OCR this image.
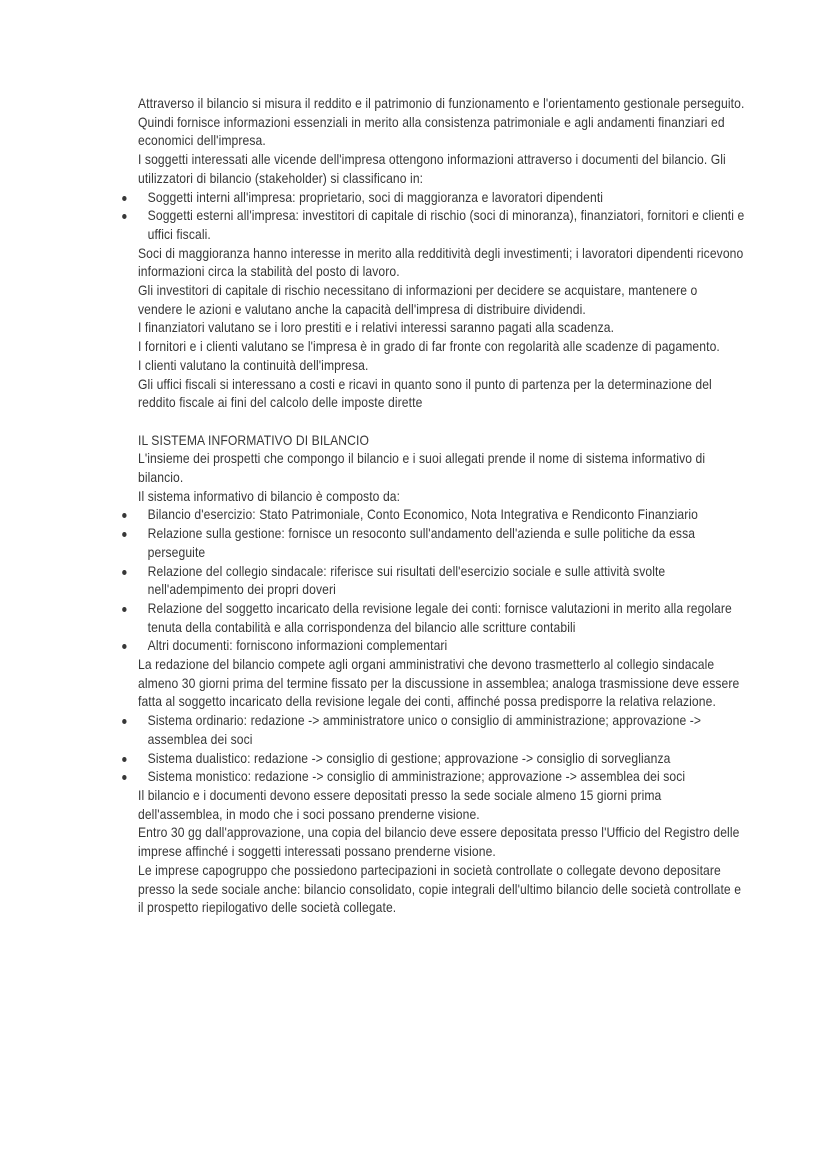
Attraverso il bilancio si misura il reddito e il patrimonio di funzionamento e l'orientamento gestionale perseguito. Quindi fornisce informazioni essenziali in merito alla consistenza patrimoniale e agli andamenti finanziari ed economici dell'impresa.

I soggetti interessati alle vicende dell'impresa ottengono informazioni attraverso i documenti del bilancio. Gli utilizzatori di bilancio (stakeholder) si classificano in:

Soggetti interni all'impresa: proprietario, soci di maggioranza e lavoratori dipendenti
Soggetti esterni all'impresa: investitori di capitale di rischio (soci di minoranza), finanziatori, fornitori e clienti e uffici fiscali.

Soci di maggioranza hanno interesse in merito alla redditività degli investimenti; i lavoratori dipendenti ricevono informazioni circa la stabilità del posto di lavoro.

Gli investitori di capitale di rischio necessitano di informazioni per decidere se acquistare, mantenere o vendere le azioni e valutano anche la capacità dell'impresa di distribuire dividendi.

I finanziatori valutano se i loro prestiti e i relativi interessi saranno pagati alla scadenza.

I fornitori e i clienti valutano se l'impresa è in grado di far fronte con regolarità alle scadenze di pagamento.

I clienti valutano la continuità dell'impresa.

Gli uffici fiscali si interessano a costi e ricavi in quanto sono il punto di partenza per la determinazione del reddito fiscale ai fini del calcolo delle imposte dirette

IL SISTEMA INFORMATIVO DI BILANCIO

L'insieme dei prospetti che compongo il bilancio e i suoi allegati prende il nome di sistema informativo di bilancio.

Il sistema informativo di bilancio è composto da:

Bilancio d'esercizio: Stato Patrimoniale, Conto Economico, Nota Integrativa e Rendiconto Finanziario
Relazione sulla gestione: fornisce un resoconto sull'andamento dell'azienda e sulle politiche da essa perseguite
Relazione del collegio sindacale: riferisce sui risultati dell'esercizio sociale e sulle attività svolte nell'adempimento dei propri doveri
Relazione del soggetto incaricato della revisione legale dei conti: fornisce valutazioni in merito alla regolare tenuta della contabilità e alla corrispondenza del bilancio alle scritture contabili
Altri documenti: forniscono informazioni complementari

La redazione del bilancio compete agli organi amministrativi che devono trasmetterlo al collegio sindacale almeno 30 giorni prima del termine fissato per la discussione in assemblea; analoga trasmissione deve essere fatta al soggetto incaricato della revisione legale dei conti, affinché possa predisporre la relativa relazione.

Sistema ordinario: redazione -> amministratore unico o consiglio di amministrazione; approvazione -> assemblea dei soci
Sistema dualistico: redazione -> consiglio di gestione; approvazione -> consiglio di sorveglianza
Sistema monistico: redazione -> consiglio di amministrazione; approvazione -> assemblea dei soci

Il bilancio e i documenti devono essere depositati presso la sede sociale almeno 15 giorni prima dell'assemblea, in modo che i soci possano prenderne visione.

Entro 30 gg dall'approvazione, una copia del bilancio deve essere depositata presso l'Ufficio del Registro delle imprese affinché i soggetti interessati possano prenderne visione.

Le imprese capogruppo che possiedono partecipazioni in società controllate o collegate devono depositare presso la sede sociale anche: bilancio consolidato, copie integrali dell'ultimo bilancio delle società controllate e il prospetto riepilogativo delle società collegate.
